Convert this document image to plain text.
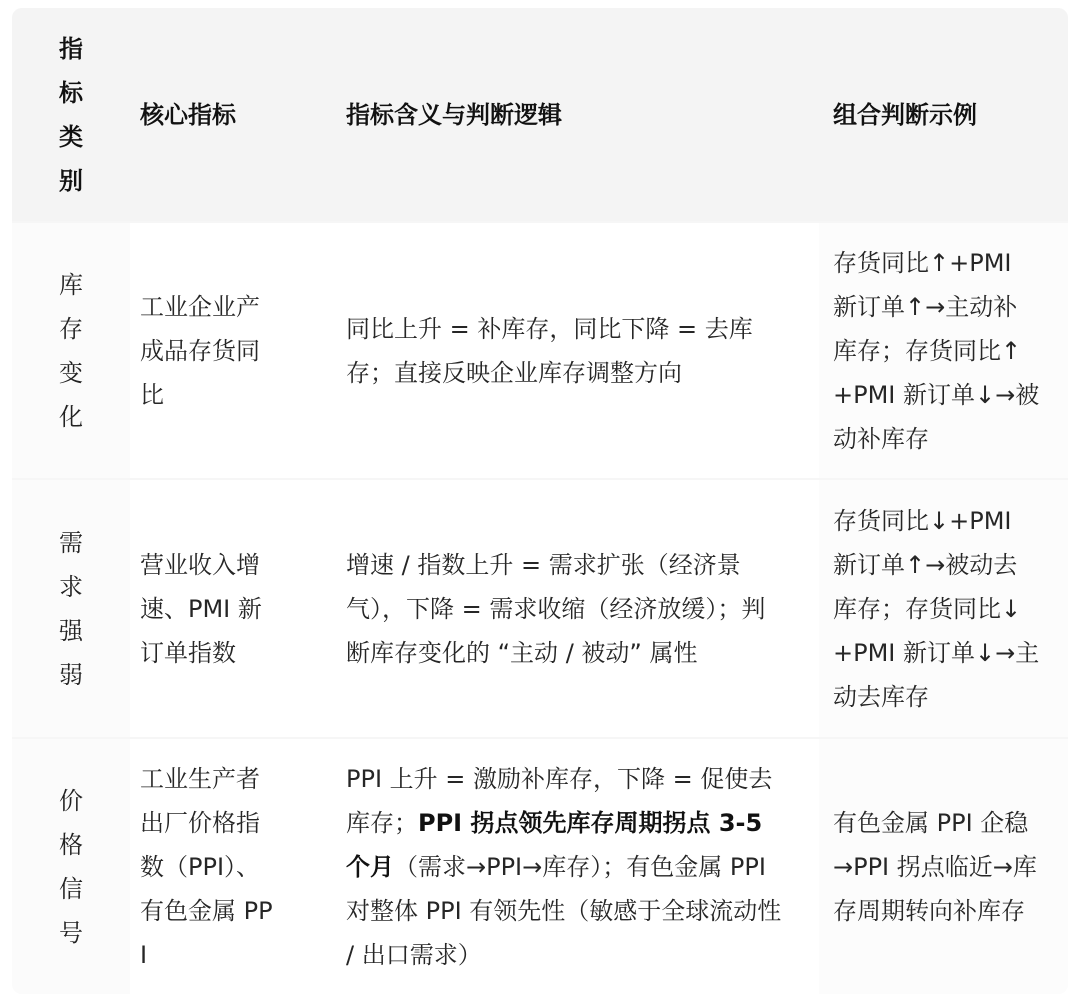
指标类别
核心指标	指标含义与判断逻辑	组合判断示例
库存变化
工业企业产成品存货同比
同比上升 = 补库存，同比下降 = 去库存；直接反映企业库存调整方向
存货同比↑+PMI 新订单↑→主动补库存；存货同比↑+PMI 新订单↓→被动补库存
需求强弱
营业收入增速、PMI 新订单指数
增速 / 指数上升 = 需求扩张（经济景气），下降 = 需求收缩（经济放缓）；判断库存变化的 “主动 / 被动” 属性
存货同比↓+PMI 新订单↑→被动去库存；存货同比↓+PMI 新订单↓→主动去库存
价格信号
工业生产者出厂价格指数（PPI）、有色金属 PPI
PPI 上升 = 激励补库存，下降 = 促使去库存；PPI 拐点领先库存周期拐点 3-5 个月（需求→PPI→库存）；有色金属 PPI 对整体 PPI 有领先性（敏感于全球流动性 / 出口需求）
有色金属 PPI 企稳→PPI 拐点临近→库存周期转向补库存
